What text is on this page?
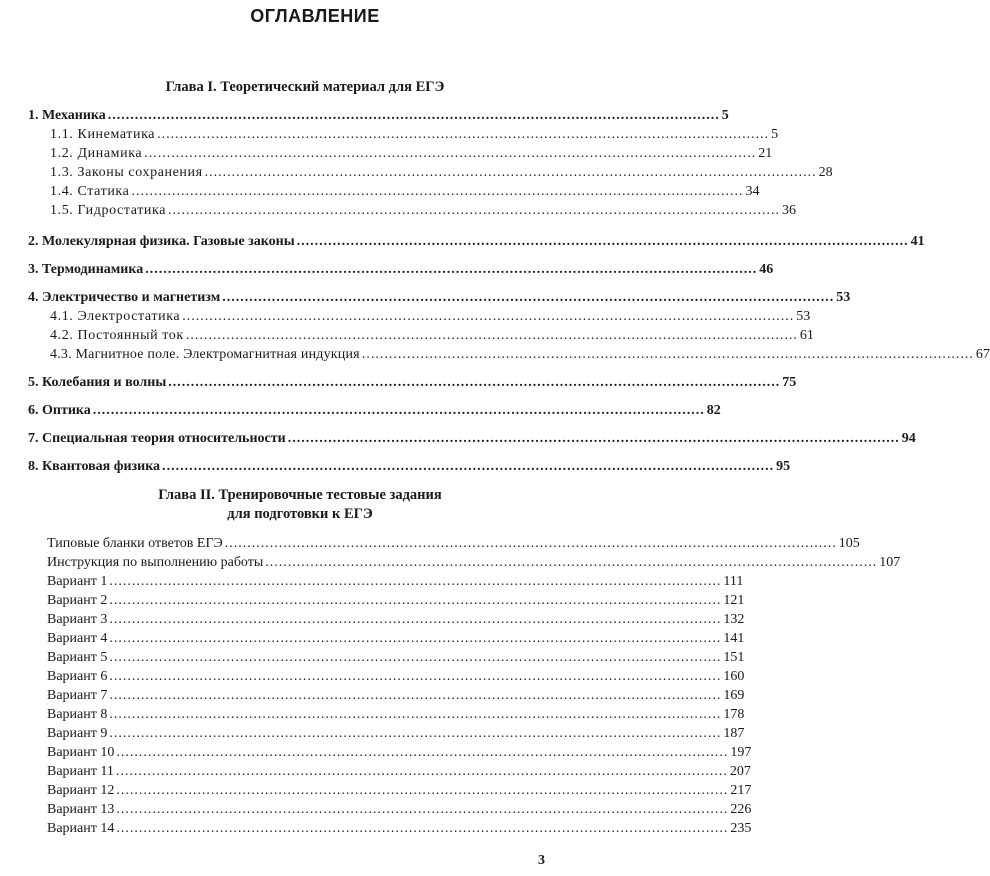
ОГЛАВЛЕНИЕ
Глава I. Теоретический материал для ЕГЭ
1.
Механика ........................................................................................................................................ 5
1.1.
Кинематика ........................................................................................................................................ 5
1.2.
Динамика ........................................................................................................................................ 21
1.3.
Законы сохранения ........................................................................................................................................ 28
1.4.
Статика ........................................................................................................................................ 34
1.5.
Гидростатика ........................................................................................................................................ 36
2.
Молекулярная физика. Газовые законы ........................................................................................................................................ 41
3.
Термодинамика ........................................................................................................................................ 46
4.
Электричество и магнетизм ........................................................................................................................................ 53
4.1.
Электростатика ........................................................................................................................................ 53
4.2.
Постоянный ток ........................................................................................................................................ 61
4.3.
Магнитное поле. Электромагнитная индукция ........................................................................................................................................ 67
5.
Колебания и волны ........................................................................................................................................ 75
6.
Оптика ........................................................................................................................................ 82
7.
Специальная теория относительности ........................................................................................................................................ 94
8.
Квантовая физика ........................................................................................................................................ 95
Глава II. Тренировочные тестовые задания
для подготовки к ЕГЭ
Типовые бланки ответов ЕГЭ ........................................................................................................................................ 105
Инструкция по выполнению работы ........................................................................................................................................ 107
Вариант 1 ........................................................................................................................................ 111
Вариант 2 ........................................................................................................................................ 121
Вариант 3 ........................................................................................................................................ 132
Вариант 4 ........................................................................................................................................ 141
Вариант 5 ........................................................................................................................................ 151
Вариант 6 ........................................................................................................................................ 160
Вариант 7 ........................................................................................................................................ 169
Вариант 8 ........................................................................................................................................ 178
Вариант 9 ........................................................................................................................................ 187
Вариант 10 ........................................................................................................................................ 197
Вариант 11 ........................................................................................................................................ 207
Вариант 12 ........................................................................................................................................ 217
Вариант 13 ........................................................................................................................................ 226
Вариант 14 ........................................................................................................................................ 235
3
